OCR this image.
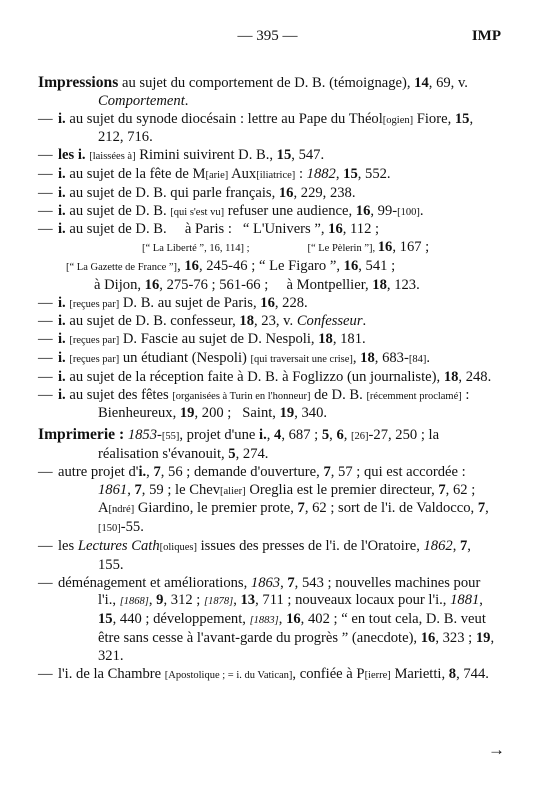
— 395 —	IMP
Impressions au sujet du comportement de D. B. (témoignage), 14, 69, v. Comportement.
— i. au sujet du synode diocésain : lettre au Pape du Théol[ogien] Fiore, 15, 212, 716.
— les i. [laissées à] Rimini suivirent D. B., 15, 547.
— i. au sujet de la fête de M[arie] Aux[iliatrice] : 1882, 15, 552.
— i. au sujet de D. B. qui parle français, 16, 229, 238.
— i. au sujet de D. B. [qui s'est vu] refuser une audience, 16, 99-[100].
— i. au sujet de D. B.     à Paris :   “ L'Univers ”, 16, 112 ;
[“ La Liberté ”, 16, 114] ;	[“ Le Pèlerin ”], 16, 167 ;
[“ La Gazette de France ”], 16, 245-46 ; “ Le Figaro ”, 16, 541 ;
à Dijon, 16, 275-76 ; 561-66 ;     à Montpellier, 18, 123.
— i. [reçues par] D. B. au sujet de Paris, 16, 228.
— i. au sujet de D. B. confesseur, 18, 23, v. Confesseur.
— i. [reçues par] D. Fascie au sujet de D. Nespoli, 18, 181.
— i. [reçues par] un étudiant (Nespoli) [qui traversait une crise], 18, 683-[84].
— i. au sujet de la réception faite à D. B. à Foglizzo (un journaliste), 18, 248.
— i. au sujet des fêtes [organisées à Turin en l'honneur] de D. B. [récemment proclamé] :  Bienheureux, 19, 200 ;   Saint, 19, 340.
Imprimerie : 1853-[55], projet d'une i., 4, 687 ; 5, 6, [26]-27, 250 ; la réalisation s'évanouit, 5, 274.
— autre projet d'i., 7, 56 ; demande d'ouverture, 7, 57 ; qui est accordée : 1861, 7, 59 ; le Chev[alier] Oreglia est le premier directeur, 7, 62 ; A[ndré] Giardino, le premier prote, 7, 62 ; sort de l'i. de Valdocco, 7, [150]-55.
— les Lectures Cath[oliques] issues des presses de l'i. de l'Oratoire, 1862, 7, 155.
— déménagement et améliorations, 1863, 7, 543 ; nouvelles machines pour l'i., [1868], 9, 312 ; [1878], 13, 711 ; nouveaux locaux pour l'i., 1881, 15, 440 ; développement, [1883], 16, 402 ; “ en tout cela, D. B. veut être sans cesse à l'avant-garde du progrès ” (anecdote), 16, 323 ; 19, 321.
— l'i. de la Chambre [Apostolique ; = i. du Vatican], confiée à P[ierre] Marietti, 8, 744.
→
